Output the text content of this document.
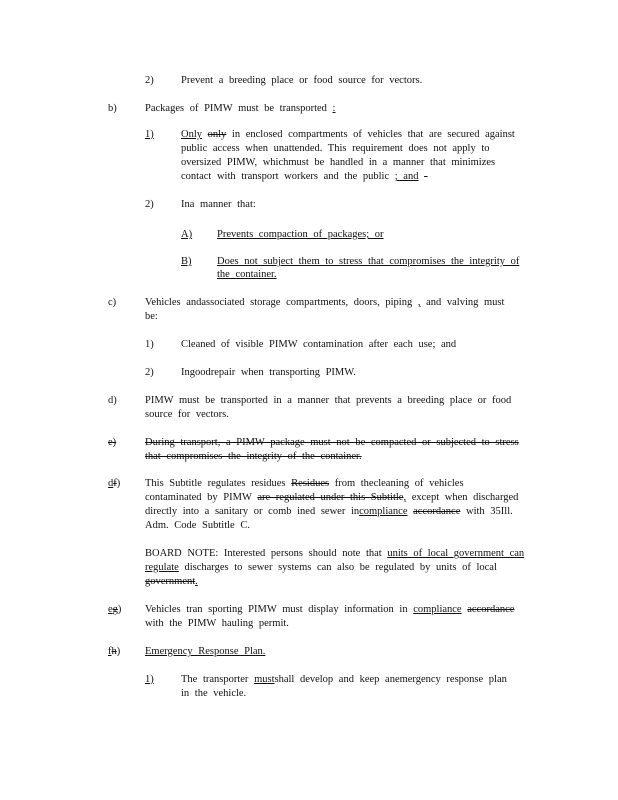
2)	Prevent a breeding place or food source for vectors.
b)	Packages of PIMW must be transported :
1)	Only only in enclosed compartments of vehicles that are secured against
public access when unattended. This requirement does not apply to
oversized PIMW, whichmust be handled in a manner that minimizes
contact with transport workers and the public ; and -
2)	Ina manner that:
A) Prevents compaction of packages; or
B) Does not subject them to stress that compromises the integrity of
the container.
c)	Vehicles andassociated storage compartments, doors, piping , and valving must
be:
1)	Cleaned of visible PIMW contamination after each use; and
2)	Ingoodrepair when transporting PIMW.
d)	PIMW must be transported in a manner that prevents a breeding place or food
source for vectors.
e)	During transport, a PIMW package must not be compacted or subjected to stress
that compromises the integrity of the container.
df) This Subtitle regulates residues Residues from thecleaning of vehicles
contaminated by PIMW are regulated under this Subtitle, except when discharged
directly into a sanitary or comb ined sewer incompliance accordance with 35Ill.
Adm. Code Subtitle C.
BOARD NOTE: Interested persons should note that units of local government can
regulate discharges to sewer systems can also be regulated by units of local
government.
eg) Vehicles tran sporting PIMW must display information in compliance accordance
with the PIMW hauling permit.
fh) Emergency Response Plan.
1)	The transporter mustshall develop and keep anemergency response plan
in the vehicle.
